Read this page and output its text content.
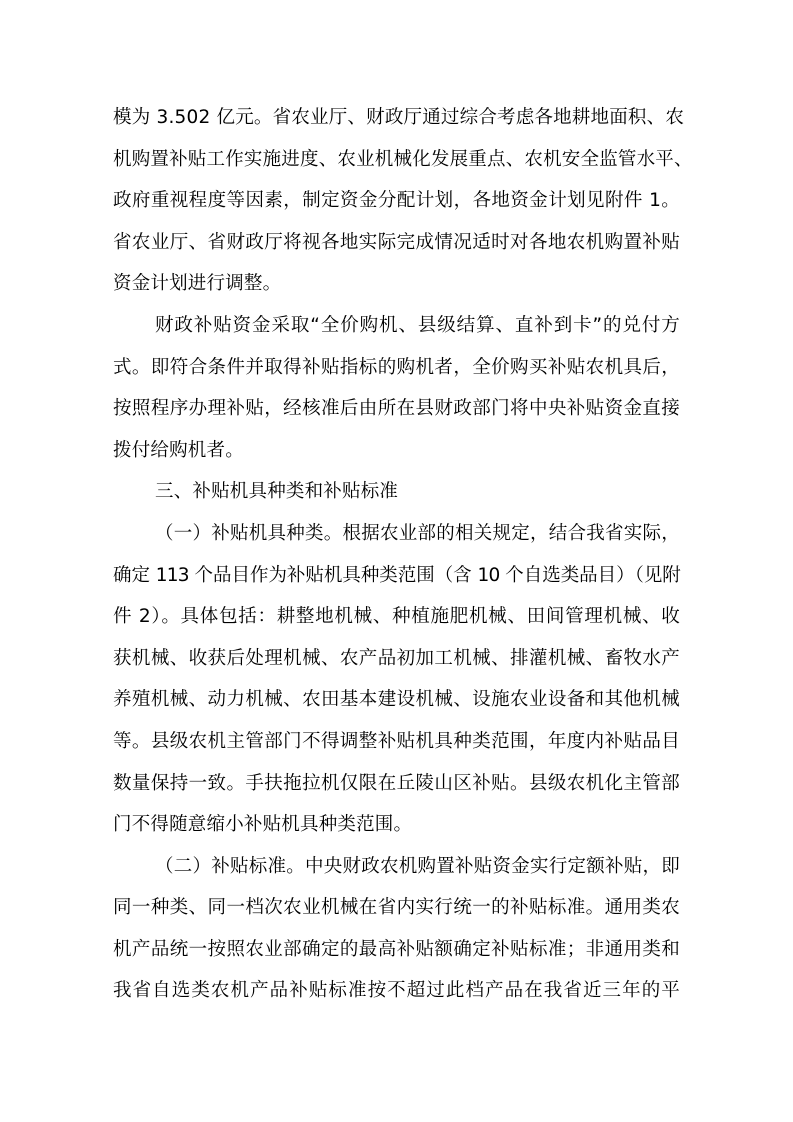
模为 3.502 亿元。省农业厅、财政厅通过综合考虑各地耕地面积、农
机购置补贴工作实施进度、农业机械化发展重点、农机安全监管水平、
政府重视程度等因素，制定资金分配计划，各地资金计划见附件 1。
省农业厅、省财政厅将视各地实际完成情况适时对各地农机购置补贴
资金计划进行调整。
财政补贴资金采取“全价购机、县级结算、直补到卡”的兑付方
式。即符合条件并取得补贴指标的购机者，全价购买补贴农机具后，
按照程序办理补贴，经核准后由所在县财政部门将中央补贴资金直接
拨付给购机者。
三、补贴机具种类和补贴标准
（一）补贴机具种类。根据农业部的相关规定，结合我省实际，
确定 113 个品目作为补贴机具种类范围（含 10 个自选类品目）（见附
件 2）。具体包括：耕整地机械、种植施肥机械、田间管理机械、收
获机械、收获后处理机械、农产品初加工机械、排灌机械、畜牧水产
养殖机械、动力机械、农田基本建设机械、设施农业设备和其他机械
等。县级农机主管部门不得调整补贴机具种类范围，年度内补贴品目
数量保持一致。手扶拖拉机仅限在丘陵山区补贴。县级农机化主管部
门不得随意缩小补贴机具种类范围。
（二）补贴标准。中央财政农机购置补贴资金实行定额补贴，即
同一种类、同一档次农业机械在省内实行统一的补贴标准。通用类农
机产品统一按照农业部确定的最高补贴额确定补贴标准；非通用类和
我省自选类农机产品补贴标准按不超过此档产品在我省近三年的平
